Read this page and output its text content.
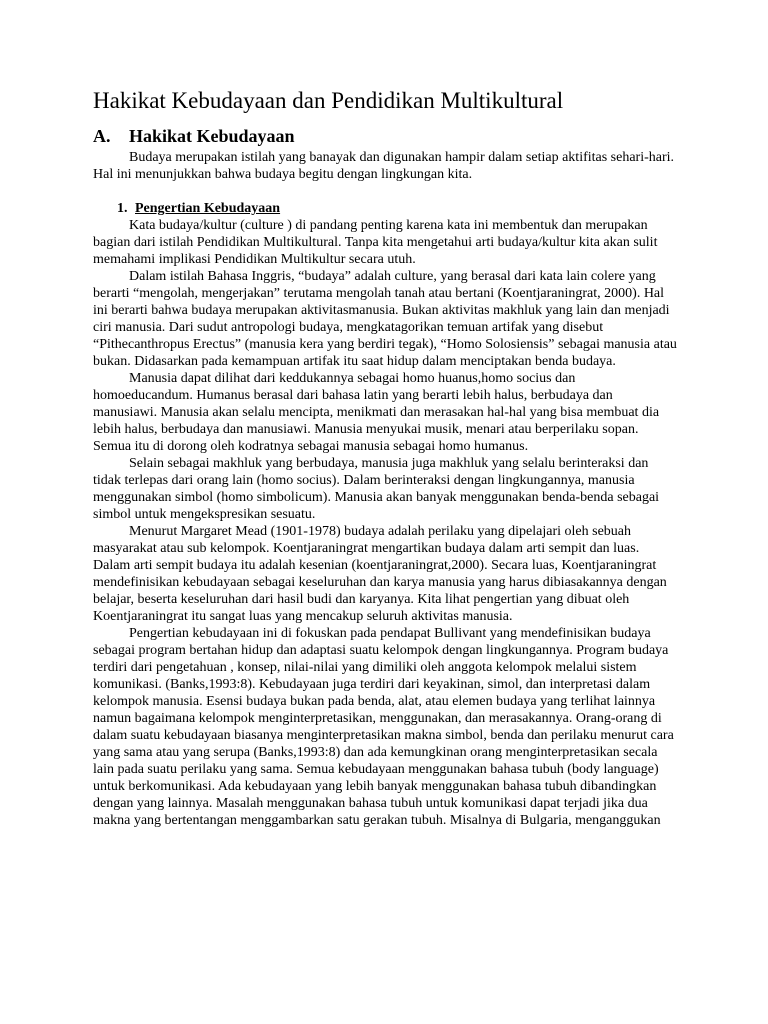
Hakikat Kebudayaan dan Pendidikan Multikultural
A. Hakikat Kebudayaan

Budaya merupakan istilah yang banayak dan digunakan hampir dalam setiap aktifitas sehari-hari. Hal ini menunjukkan bahwa budaya begitu dengan lingkungan kita.

1. Pengertian Kebudayaan

Kata budaya/kultur (culture ) di pandang penting karena kata ini membentuk dan merupakan bagian dari istilah Pendidikan Multikultural. Tanpa kita mengetahui arti budaya/kultur kita akan sulit memahami implikasi Pendidikan Multikultur secara utuh.

Dalam istilah Bahasa Inggris, “budaya” adalah culture, yang berasal dari kata lain colere yang berarti “mengolah, mengerjakan” terutama mengolah tanah atau bertani (Koentjaraningrat, 2000). Hal ini berarti bahwa budaya merupakan aktivitasmanusia. Bukan aktivitas makhluk yang lain dan menjadi ciri manusia. Dari sudut antropologi budaya, mengkatagorikan temuan artifak yang disebut “Pithecanthropus Erectus” (manusia kera yang berdiri tegak), “Homo Solosiensis” sebagai manusia atau bukan. Didasarkan pada kemampuan artifak itu saat hidup dalam menciptakan benda budaya.

Manusia dapat dilihat dari keddukannya sebagai homo huanus,homo socius dan homoeducandum. Humanus berasal dari bahasa latin yang berarti lebih halus, berbudaya dan manusiawi. Manusia akan selalu mencipta, menikmati dan merasakan hal-hal yang bisa membuat dia lebih halus, berbudaya dan manusiawi. Manusia menyukai musik, menari atau berperilaku sopan. Semua itu di dorong oleh kodratnya sebagai manusia sebagai homo humanus.

Selain sebagai makhluk yang berbudaya, manusia juga makhluk yang selalu berinteraksi dan tidak terlepas dari orang lain (homo socius). Dalam berinteraksi dengan lingkungannya, manusia menggunakan simbol (homo simbolicum). Manusia akan banyak menggunakan benda-benda sebagai simbol untuk mengekspresikan sesuatu.

Menurut Margaret Mead (1901-1978) budaya adalah perilaku yang dipelajari oleh sebuah masyarakat atau sub kelompok. Koentjaraningrat mengartikan budaya dalam arti sempit dan luas. Dalam arti sempit budaya itu adalah kesenian (koentjaraningrat,2000). Secara luas, Koentjaraningrat mendefinisikan kebudayaan sebagai keseluruhan dan karya manusia yang harus dibiasakannya dengan belajar, beserta keseluruhan dari hasil budi dan karyanya. Kita lihat pengertian yang dibuat oleh Koentjaraningrat itu sangat luas yang mencakup seluruh aktivitas manusia.

Pengertian kebudayaan ini di fokuskan pada pendapat Bullivant yang mendefinisikan budaya sebagai program bertahan hidup dan adaptasi suatu kelompok dengan lingkungannya. Program budaya terdiri dari pengetahuan , konsep, nilai-nilai yang dimiliki oleh anggota kelompok melalui sistem komunikasi. (Banks,1993:8). Kebudayaan juga terdiri dari keyakinan, simol, dan interpretasi dalam kelompok manusia. Esensi budaya bukan pada benda, alat, atau elemen budaya yang terlihat lainnya namun bagaimana kelompok menginterpretasikan, menggunakan, dan merasakannya. Orang-orang di dalam suatu kebudayaan biasanya menginterpretasikan makna simbol, benda dan perilaku menurut cara yang sama atau yang serupa (Banks,1993:8) dan ada kemungkinan orang menginterpretasikan secala lain pada suatu perilaku yang sama. Semua kebudayaan menggunakan bahasa tubuh (body language) untuk berkomunikasi. Ada kebudayaan yang lebih banyak menggunakan bahasa tubuh dibandingkan dengan yang lainnya. Masalah menggunakan bahasa tubuh untuk komunikasi dapat terjadi jika dua makna yang bertentangan menggambarkan satu gerakan tubuh. Misalnya di Bulgaria, menganggukan
